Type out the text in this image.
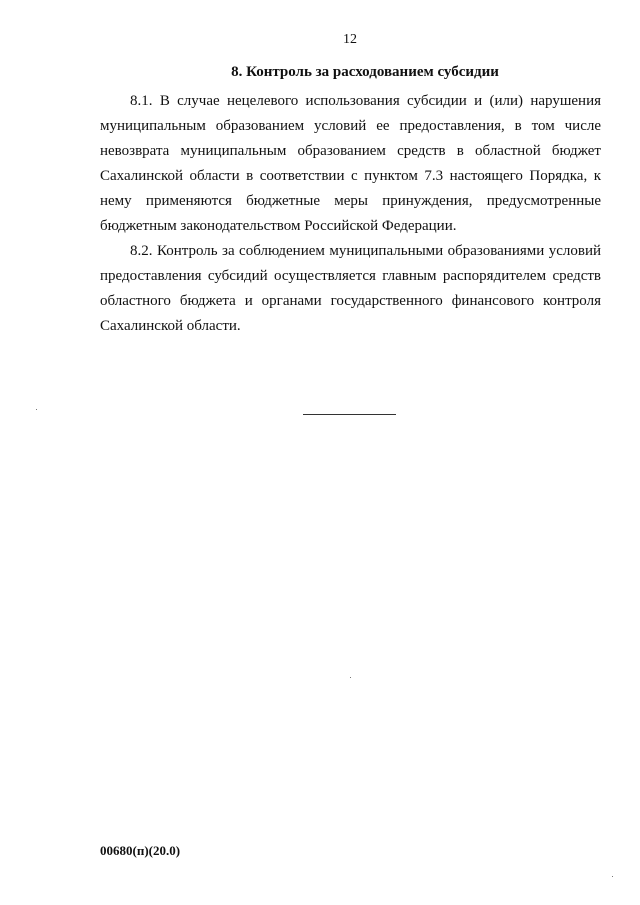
12
8. Контроль за расходованием субсидии

8.1. В случае нецелевого использования субсидии и (или) нарушения муниципальным образованием условий ее предоставления, в том числе невозврата муниципальным образованием средств в областной бюджет Сахалинской области в соответствии с пунктом 7.3 настоящего Порядка, к нему применяются бюджетные меры принуждения, предусмотренные бюджетным законодательством Российской Федерации.

8.2. Контроль за соблюдением муниципальными образованиями условий предоставления субсидий осуществляется главным распорядителем средств областного бюджета и органами государственного финансового контроля Сахалинской области.

00680(п)(20.0)
